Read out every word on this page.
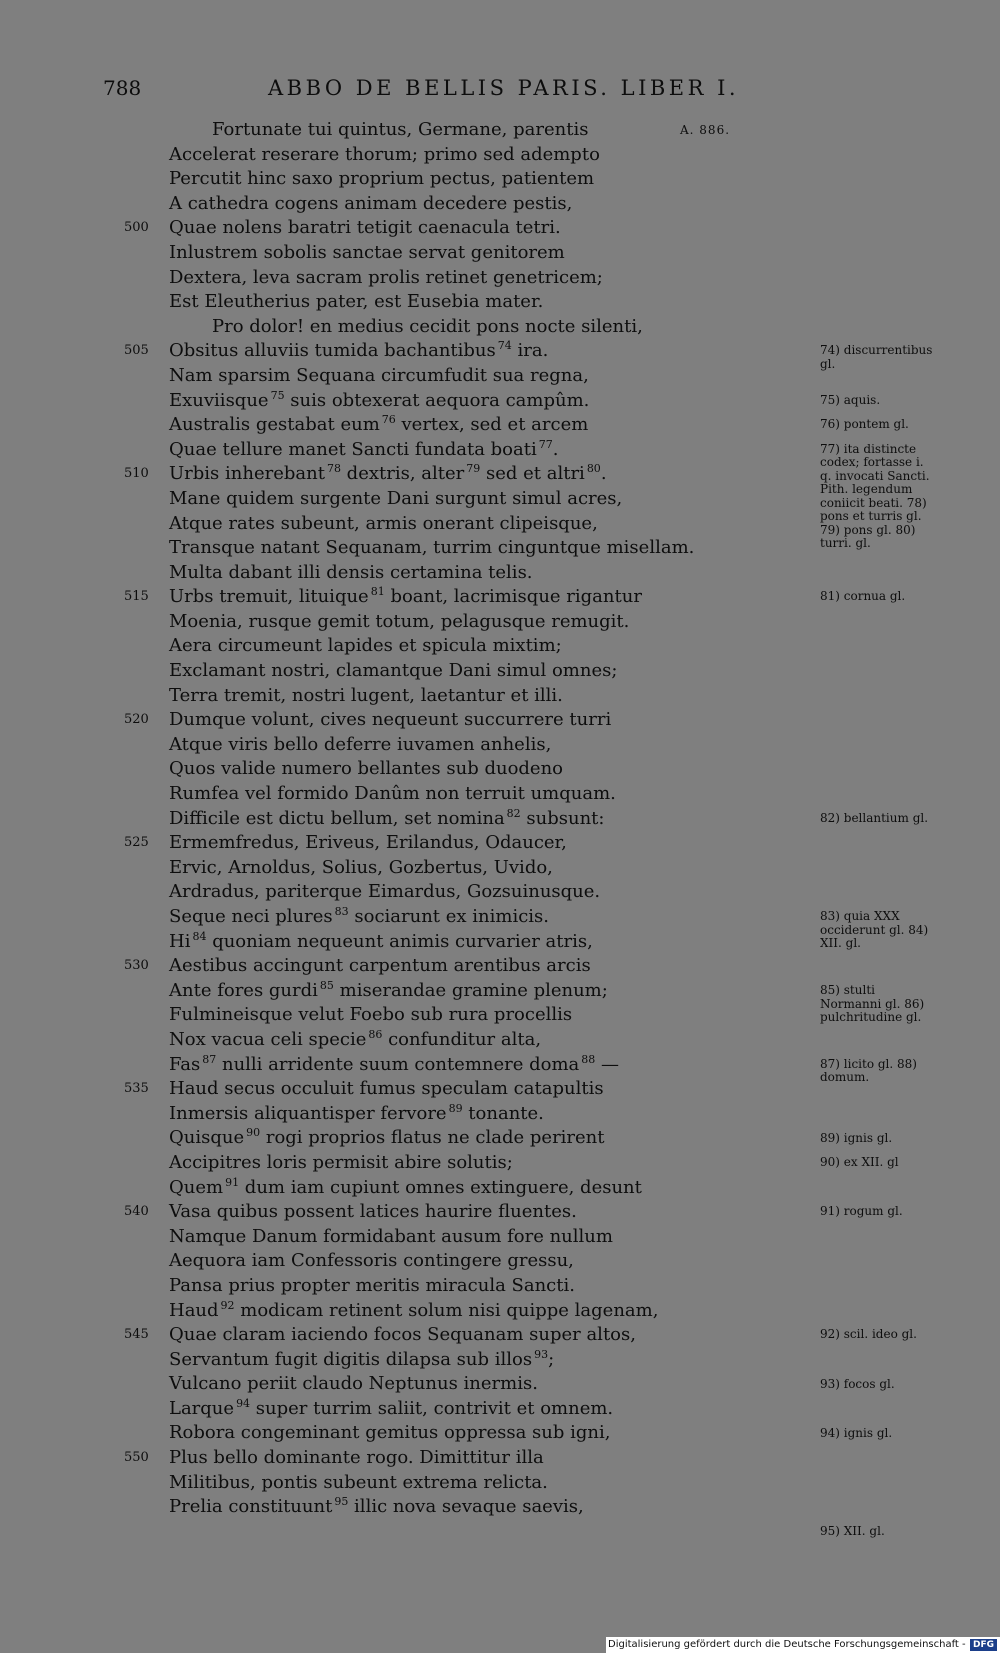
788	ABBO DE BELLIS PARIS. LIBER I.
A. 886.
Fortunate tui quintus, Germane, parentis
Accelerat reserare thorum; primo sed adempto
Percutit hinc saxo proprium pectus, patientem
A cathedra cogens animam decedere pestis,
500 Quae nolens baratri tetigit caenacula tetri.
Inlustrem sobolis sanctae servat genitorem
Dextera, leva sacram prolis retinet genetricem;
Est Eleutherius pater, est Eusebia mater.
Pro dolor! en medius cecidit pons nocte silenti,
505 Obsitus alluviis tumida bachantibus $^{74}$ ira.
Nam sparsim Sequana circumfudit sua regna,
Exuviisque $^{75}$ suis obtexerat aequora campûm.
Australis gestabat eum $^{76}$ vertex, sed et arcem
Quae tellure manet Sancti fundata boati $^{77}$.
510 Urbis inherebant $^{78}$ dextris, alter $^{79}$ sed et altri $^{80}$.
Mane quidem surgente Dani surgunt simul acres,
Atque rates subeunt, armis onerant clipeisque,
Transque natant Sequanam, turrim cinguntque misellam.
Multa dabant illi densis certamina telis.
515 Urbs tremuit, lituique $^{81}$ boant, lacrimisque rigantur
Moenia, rusque gemit totum, pelagusque remugit.
Aera circumeunt lapides et spicula mixtim;
Exclamant nostri, clamantque Dani simul omnes;
Terra tremit, nostri lugent, laetantur et illi.
520 Dumque volunt, cives nequeunt succurrere turri
Atque viris bello deferre iuvamen anhelis,
Quos valide numero bellantes sub duodeno
Rumfea vel formido Danûm non terruit umquam.
Difficile est dictu bellum, set nomina $^{82}$ subsunt:
525 Ermemfredus, Eriveus, Erilandus, Odaucer,
Ervic, Arnoldus, Solius, Gozbertus, Uvido,
Ardradus, pariterque Eimardus, Gozsuinusque.
Seque neci plures $^{83}$ sociarunt ex inimicis.
Hi $^{84}$ quoniam nequeunt animis curvarier atris,
530 Aestibus accingunt carpentum arentibus arcis
Ante fores gurdi $^{85}$ miserandae gramine plenum;
Fulmineisque velut Foebo sub rura procellis
Nox vacua celi specie $^{86}$ confunditur alta,
Fas $^{87}$ nulli arridente suum contemnere doma $^{88}$ —
535 Haud secus occuluit fumus speculam catapultis
Inmersis aliquantisper fervore $^{89}$ tonante.
Quisque $^{90}$ rogi proprios flatus ne clade perirent
Accipitres loris permisit abire solutis;
Quem $^{91}$ dum iam cupiunt omnes extinguere, desunt
540 Vasa quibus possent latices haurire fluentes.
Namque Danum formidabant ausum fore nullum
Aequora iam Confessoris contingere gressu,
Pansa prius propter meritis miracula Sancti.
Haud $^{92}$ modicam retinent solum nisi quippe lagenam,
545 Quae claram iaciendo focos Sequanam super altos,
Servantum fugit digitis dilapsa sub illos $^{93}$;
Vulcano periit claudo Neptunus inermis.
Larque $^{94}$ super turrim saliit, contrivit et omnem.
Robora congeminant gemitus oppressa sub igni,
550 Plus bello dominante rogo. Dimittitur illa
Militibus, pontis subeunt extrema relicta.
Prelia constituunt $^{95}$ illic nova sevaque saevis,
74) discurrentibus gl.
75) aquis.
76) pontem gl.
77) ita distincte codex; fortasse i. q. invocati Sancti. Pith. legendum coniicit beati. 78) pons et turris gl. 79) pons gl. 80) turri. gl.
81) cornua gl.
82) bellantium gl.
83) quia XXX occiderunt gl. 84) XII. gl.
85) stulti Normanni gl. 86) pulchritudine gl.
87) licito gl. 88) domum.
89) ignis gl.
90) ex XII. gl
91) rogum gl.
92) scil. ideo gl.
93) focos gl.
94) ignis gl.
95) XII. gl.
Digitalisierung gefördert durch die Deutsche Forschungsgemeinschaft - DFG
